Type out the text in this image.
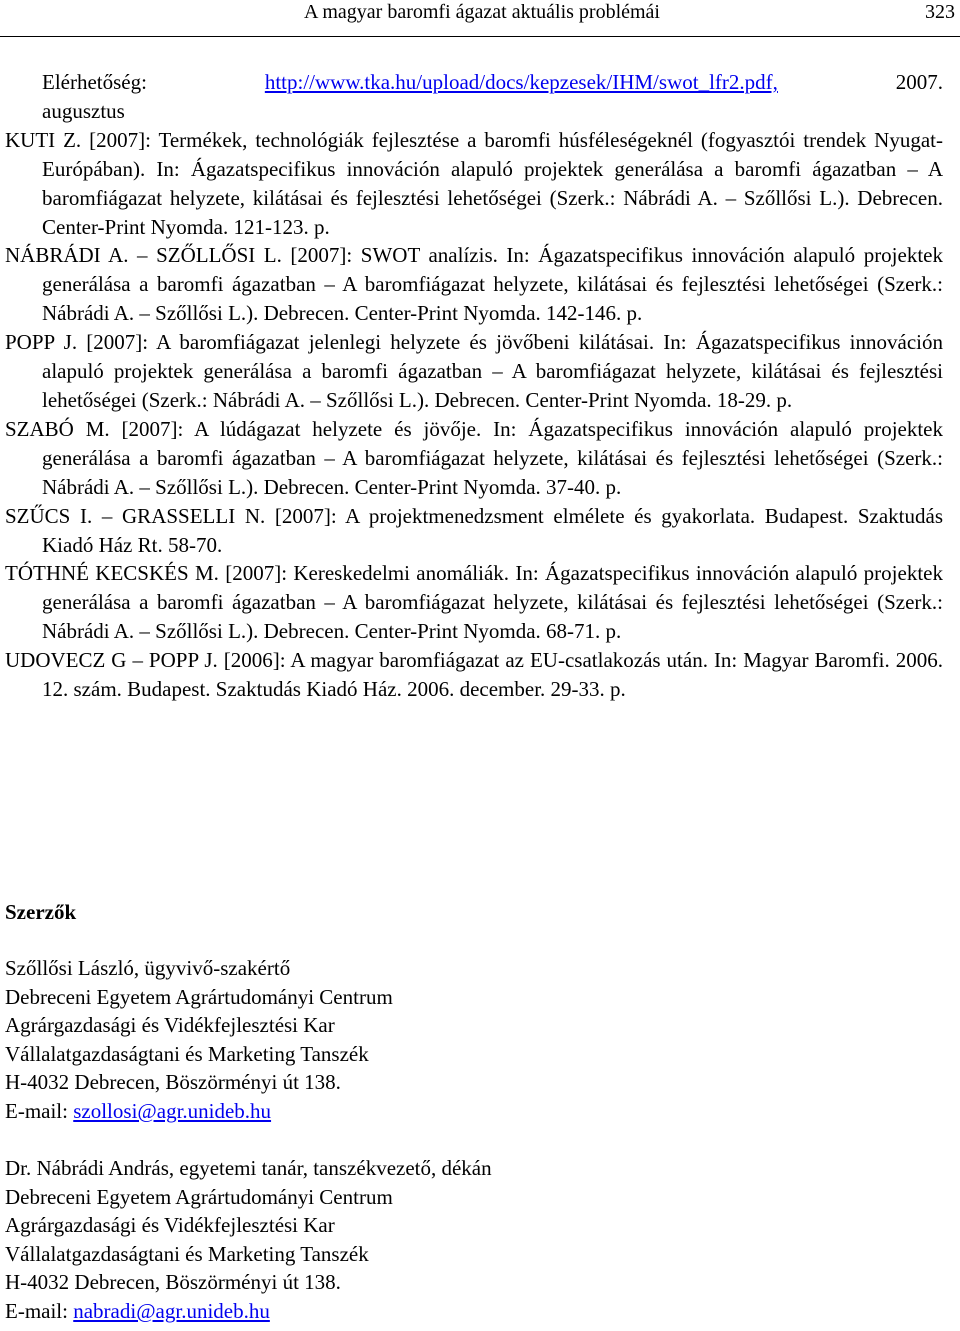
A magyar baromfi ágazat aktuális problémái	323
Elérhetőség:	http://www.tka.hu/upload/docs/kepzesek/IHM/swot_lfr2.pdf,	2007.
augusztus
KUTI Z. [2007]: Termékek, technológiák fejlesztése a baromfi húsféleségeknél (fogyasztói trendek Nyugat-Európában). In: Ágazatspecifikus innováción alapuló projektek generálása a baromfi ágazatban – A baromfiágazat helyzete, kilátásai és fejlesztési lehetőségei (Szerk.: Nábrádi A. – Szőllősi L.). Debrecen. Center-Print Nyomda. 121-123. p.
NÁBRÁDI A. – SZŐLLŐSI L. [2007]: SWOT analízis. In: Ágazatspecifikus innováción alapuló projektek generálása a baromfi ágazatban – A baromfiágazat helyzete, kilátásai és fejlesztési lehetőségei (Szerk.: Nábrádi A. – Szőllősi L.). Debrecen. Center-Print Nyomda. 142-146. p.
POPP J. [2007]: A baromfiágazat jelenlegi helyzete és jövőbeni kilátásai. In: Ágazatspecifikus innováción alapuló projektek generálása a baromfi ágazatban – A baromfiágazat helyzete, kilátásai és fejlesztési lehetőségei (Szerk.: Nábrádi A. – Szőllősi L.). Debrecen. Center-Print Nyomda. 18-29. p.
SZABÓ M. [2007]: A lúdágazat helyzete és jövője. In: Ágazatspecifikus innováción alapuló projektek generálása a baromfi ágazatban – A baromfiágazat helyzete, kilátásai és fejlesztési lehetőségei (Szerk.: Nábrádi A. – Szőllősi L.). Debrecen. Center-Print Nyomda. 37-40. p.
SZŰCS I. – GRASSELLI N. [2007]: A projektmenedzsment elmélete és gyakorlata. Budapest. Szaktudás Kiadó Ház Rt. 58-70.
TÓTHNÉ KECSKÉS M. [2007]: Kereskedelmi anomáliák. In: Ágazatspecifikus innováción alapuló projektek generálása a baromfi ágazatban – A baromfiágazat helyzete, kilátásai és fejlesztési lehetőségei (Szerk.: Nábrádi A. – Szőllősi L.). Debrecen. Center-Print Nyomda. 68-71. p.
UDOVECZ G – POPP J. [2006]: A magyar baromfiágazat az EU-csatlakozás után. In: Magyar Baromfi. 2006. 12. szám. Budapest. Szaktudás Kiadó Ház. 2006. december. 29-33. p.
Szerzők
Szőllősi László, ügyvivő-szakértő
Debreceni Egyetem Agrártudományi Centrum
Agrárgazdasági és Vidékfejlesztési Kar
Vállalatgazdaságtani és Marketing Tanszék
H-4032 Debrecen, Böszörményi út 138.
E-mail: szollosi@agr.unideb.hu
Dr. Nábrádi András, egyetemi tanár, tanszékvezető, dékán
Debreceni Egyetem Agrártudományi Centrum
Agrárgazdasági és Vidékfejlesztési Kar
Vállalatgazdaságtani és Marketing Tanszék
H-4032 Debrecen, Böszörményi út 138.
E-mail: nabradi@agr.unideb.hu
